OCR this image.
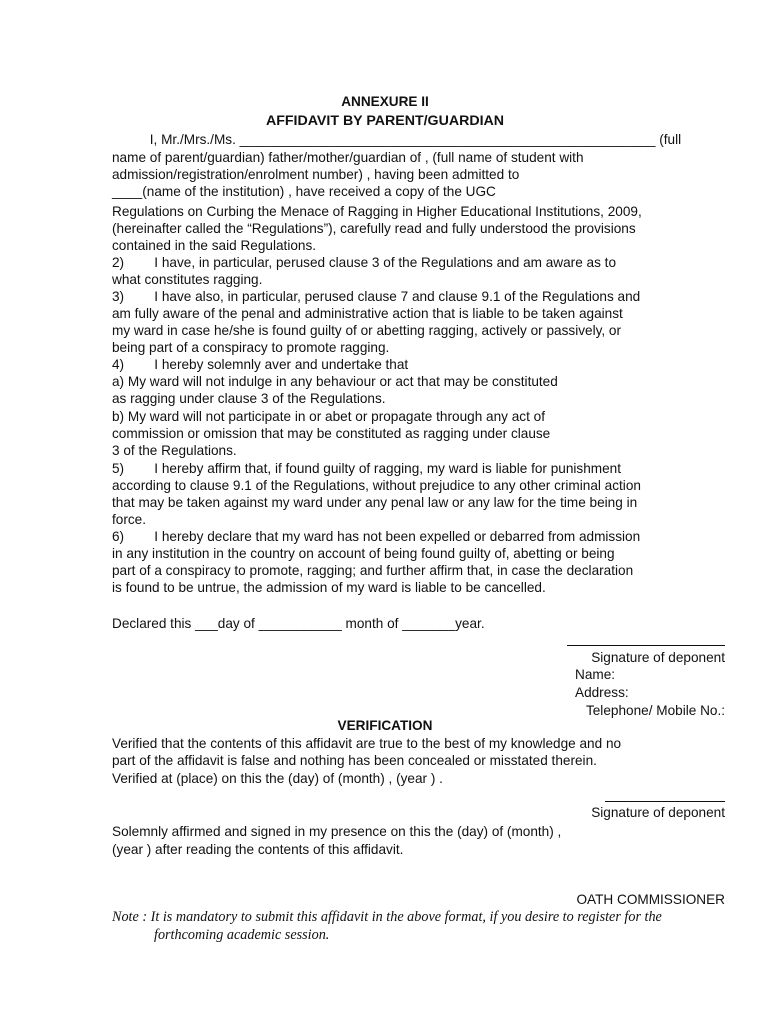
ANNEXURE II
AFFIDAVIT BY PARENT/GUARDIAN
I, Mr./Mrs./Ms. _______________________________________________________ (full
name of parent/guardian) father/mother/guardian of , (full name of student with
admission/registration/enrolment number) , having been admitted to
____(name of the institution) , have received a copy of the UGC
Regulations on Curbing the Menace of Ragging in Higher Educational Institutions, 2009,
(hereinafter called the “Regulations”), carefully read and fully understood the provisions
contained in the said Regulations.
2)        I have, in particular, perused clause 3 of the Regulations and am aware as to
what constitutes ragging.
3)        I have also, in particular, perused clause 7 and clause 9.1 of the Regulations and
am fully aware of the penal and administrative action that is liable to be taken against
my ward in case he/she is found guilty of or abetting ragging, actively or passively, or
being part of a conspiracy to promote ragging.
4)        I hereby solemnly aver and undertake that
a) My ward will not indulge in any behaviour or act that may be constituted
as ragging under clause 3 of the Regulations.
b) My ward will not participate in or abet or propagate through any act of
commission or omission that may be constituted as ragging under clause
3 of the Regulations.
5)        I hereby affirm that, if found guilty of ragging, my ward is liable for punishment
according to clause 9.1 of the Regulations, without prejudice to any other criminal action
that may be taken against my ward under any penal law or any law for the time being in
force.
6)        I hereby declare that my ward has not been expelled or debarred from admission
in any institution in the country on account of being found guilty of, abetting or being
part of a conspiracy to promote, ragging; and further affirm that, in case the declaration
is found to be untrue, the admission of my ward is liable to be cancelled.
Declared this ___day of ___________ month of _______year.
Signature of deponent
Name:
Address:
Telephone/ Mobile No.:
VERIFICATION
Verified that the contents of this affidavit are true to the best of my knowledge and no
part of the affidavit is false and nothing has been concealed or misstated therein.
Verified at (place) on this the (day) of (month) , (year ) .
Signature of deponent
Solemnly affirmed and signed in my presence on this the (day) of (month) ,
(year ) after reading the contents of this affidavit.
OATH COMMISSIONER
Note : It is mandatory to submit this affidavit in the above format, if you desire to register for the
forthcoming academic session.
